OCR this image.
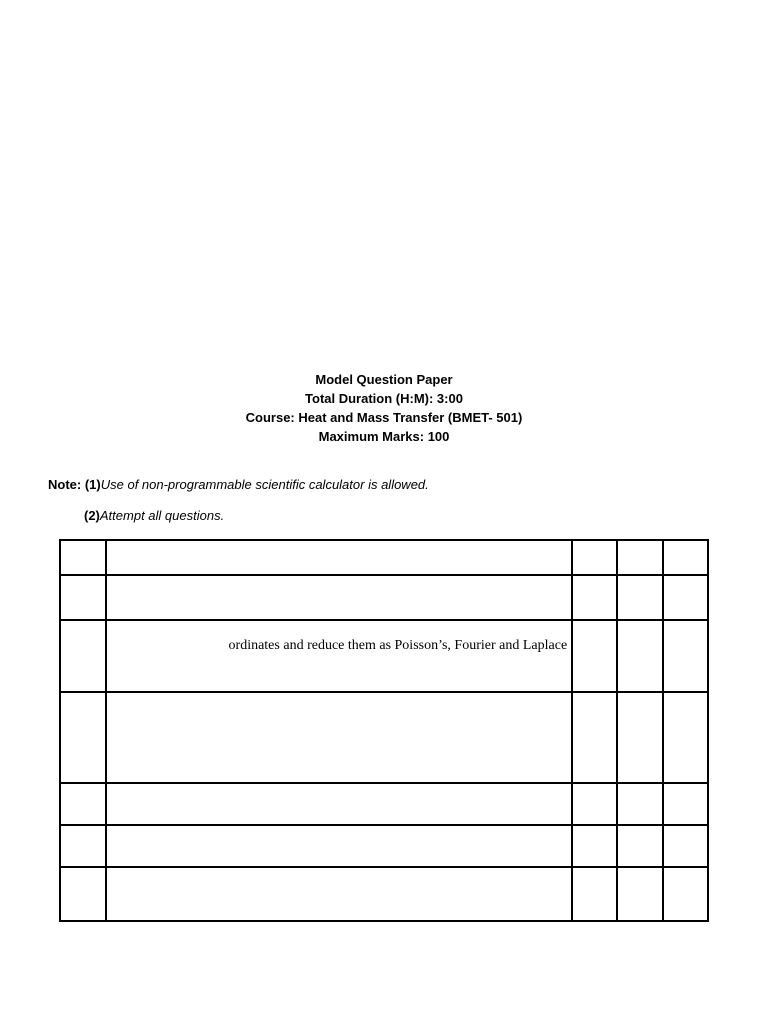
Model Question Paper
Total Duration (H:M): 3:00
Course: Heat and Mass Transfer (BMET- 501)
Maximum Marks: 100
Note: (1)Use of non-programmable scientific calculator is allowed.
(2)Attempt all questions.

	ordinates and reduce them as Poisson’s, Fourier and Laplace			
